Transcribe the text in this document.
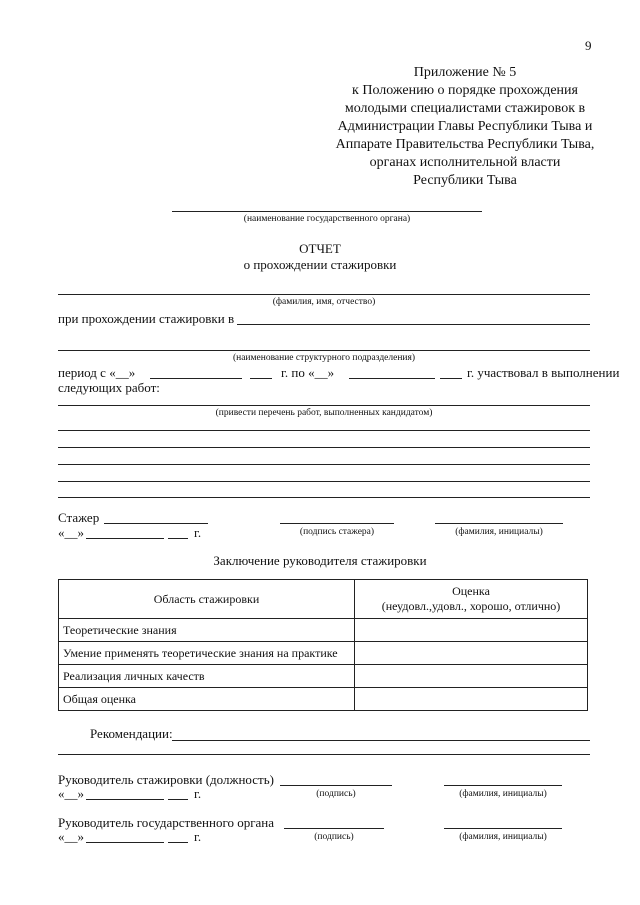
9
Приложение № 5
к Положению о порядке прохождения
молодыми специалистами стажировок в
Администрации Главы Республики Тыва и
Аппарате Правительства Республики Тыва,
органах исполнительной власти
Республики Тыва
(наименование государственного органа)
ОТЧЕТ
о прохождении стажировки
(фамилия, имя, отчество)
при прохождении стажировки в
(наименование структурного подразделения)
период с «__»	г. по «__»	г. участвовал в выполнении
следующих работ:
(привести перечень работ, выполненных кандидатом)
Стажер
«__»	г.	(подпись стажера)	(фамилия, инициалы)
Заключение руководителя стажировки
Область стажировки	Оценка
(неудовл.,удовл., хорошо, отлично)

Теоретические знания	
Умение применять теоретические знания на практике	
Реализация личных качеств	
Общая оценка	
Рекомендации:
Руководитель стажировки (должность)
(подпись)	(фамилия, инициалы)
«__»	г.
Руководитель государственного органа
(подпись)	(фамилия, инициалы)
«__»	г.
